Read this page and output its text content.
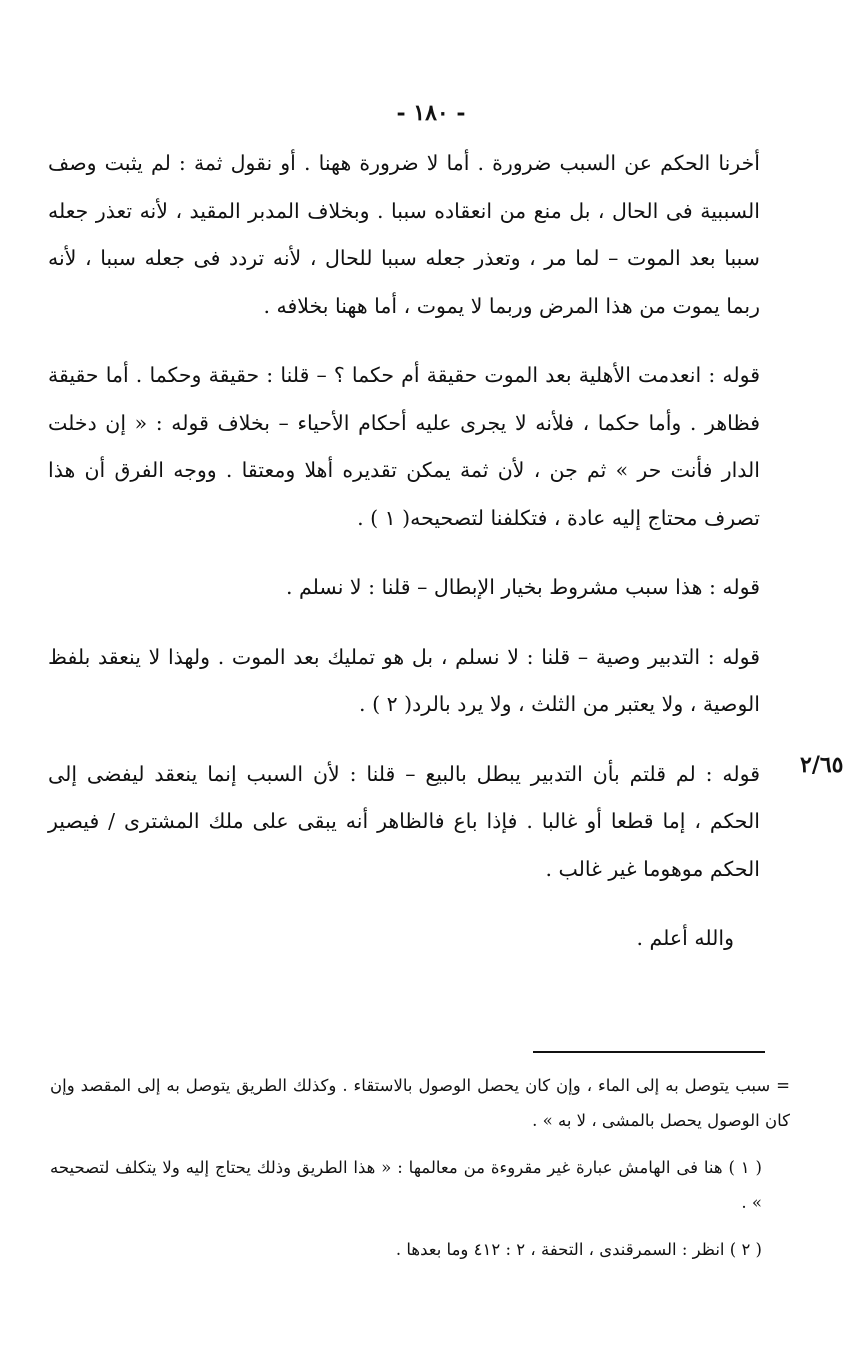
- ١٨٠ -

أخرنا الحكم عن السبب ضرورة . أما لا ضرورة ههنا . أو نقول ثمة : لم يثبت وصف السببية فى الحال ، بل منع من انعقاده سببا . وبخلاف المدبر المقيد ، لأنه تعذر جعله سببا بعد الموت – لما مر ، وتعذر جعله سببا للحال ، لأنه تردد فى جعله سببا ، لأنه ربما يموت من هذا المرض وربما لا يموت ، أما ههنا بخلافه .

قوله : انعدمت الأهلية بعد الموت حقيقة أم حكما ؟ – قلنا : حقيقة وحكما . أما حقيقة فظاهر . وأما حكما ، فلأنه لا يجرى عليه أحكام الأحياء – بخلاف قوله : « إن دخلت الدار فأنت حر » ثم جن ، لأن ثمة يمكن تقديره أهلا ومعتقا . ووجه الفرق أن هذا تصرف محتاج إليه عادة ، فتكلفنا لتصحيحه( ١ ) .

قوله : هذا سبب مشروط بخيار الإبطال – قلنا : لا نسلم .

قوله : التدبير وصية – قلنا : لا نسلم ، بل هو تمليك بعد الموت . ولهذا لا ينعقد بلفظ الوصية ، ولا يعتبر من الثلث ، ولا يرد بالرد( ٢ ) .

قوله : لم قلتم بأن التدبير يبطل بالبيع – قلنا : لأن السبب إنما ينعقد ليفضى إلى الحكم ، إما قطعا أو غالبا . فإذا باع فالظاهر أنه يبقى على ملك المشترى / فيصير الحكم موهوما غير غالب .

والله أعلم .

٢/٦٥

= سبب يتوصل به إلى الماء ، وإن كان يحصل الوصول بالاستقاء . وكذلك الطريق يتوصل به إلى المقصد وإن كان الوصول يحصل بالمشى ، لا به » .

( ١ ) هنا فى الهامش عبارة غير مقروءة من معالمها : « هذا الطريق وذلك يحتاج إليه ولا يتكلف لتصحيحه » .

( ٢ ) انظر : السمرقندى ، التحفة ، ٢ : ٤١٢ وما بعدها .
